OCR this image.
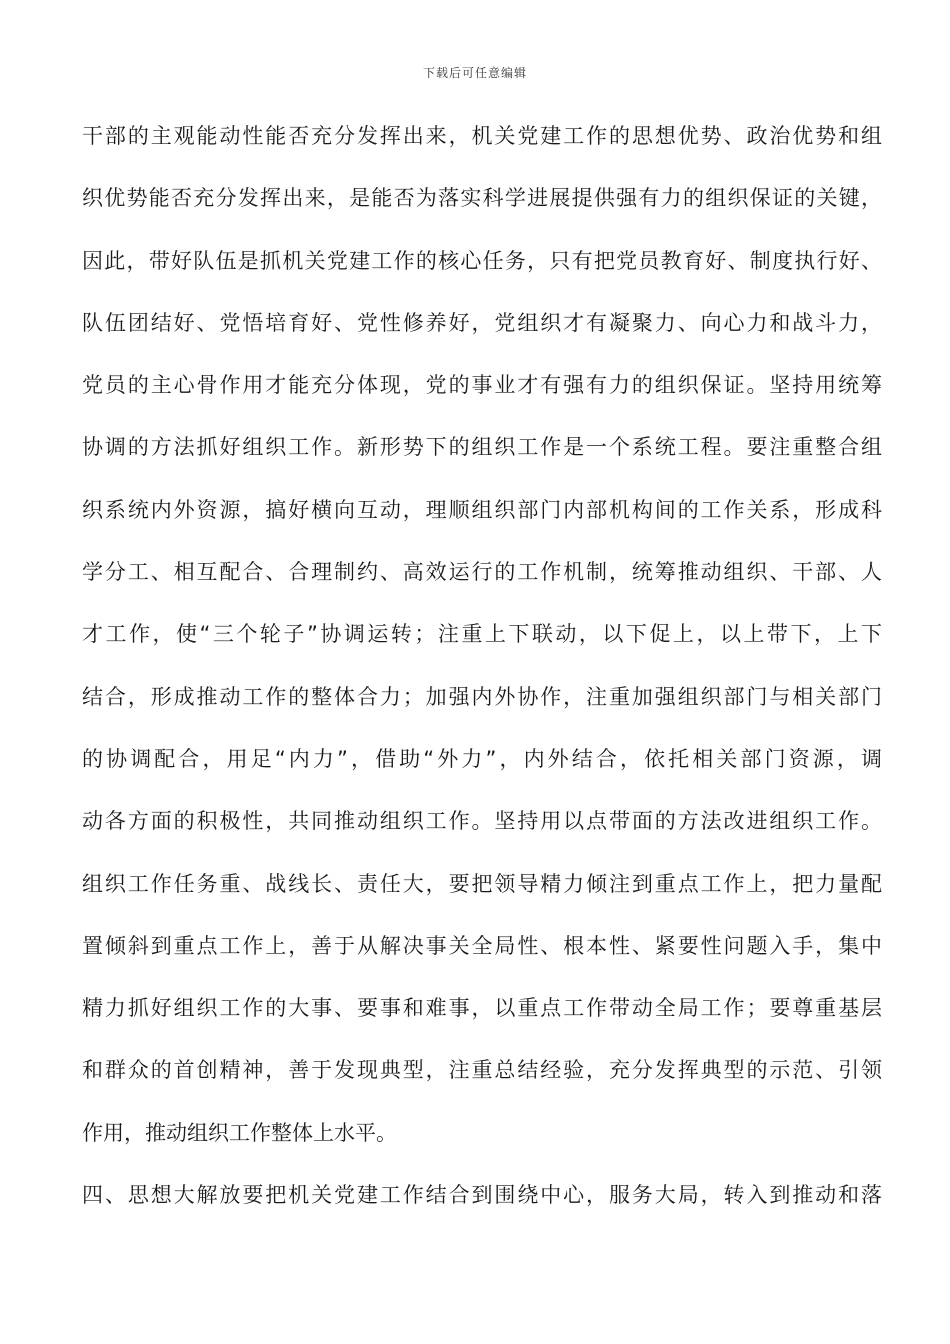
下载后可任意编辑
干部的主观能动性能否充分发挥出来，机关党建工作的思想优势、政治优势和组
织优势能否充分发挥出来，是能否为落实科学进展提供强有力的组织保证的关键，
因此，带好队伍是抓机关党建工作的核心任务，只有把党员教育好、制度执行好、
队伍团结好、党悟培育好、党性修养好，党组织才有凝聚力、向心力和战斗力，
党员的主心骨作用才能充分体现，党的事业才有强有力的组织保证。坚持用统筹
协调的方法抓好组织工作。新形势下的组织工作是一个系统工程。要注重整合组
织系统内外资源，搞好横向互动，理顺组织部门内部机构间的工作关系，形成科
学分工、相互配合、合理制约、高效运行的工作机制，统筹推动组织、干部、人
才工作，使“三个轮子”协调运转；注重上下联动，以下促上，以上带下，上下
结合，形成推动工作的整体合力；加强内外协作，注重加强组织部门与相关部门
的协调配合，用足“内力”，借助“外力”，内外结合，依托相关部门资源，调
动各方面的积极性，共同推动组织工作。坚持用以点带面的方法改进组织工作。
组织工作任务重、战线长、责任大，要把领导精力倾注到重点工作上，把力量配
置倾斜到重点工作上，善于从解决事关全局性、根本性、紧要性问题入手，集中
精力抓好组织工作的大事、要事和难事，以重点工作带动全局工作；要尊重基层
和群众的首创精神，善于发现典型，注重总结经验，充分发挥典型的示范、引领
作用，推动组织工作整体上水平。
四、思想大解放要把机关党建工作结合到围绕中心，服务大局，转入到推动和落
